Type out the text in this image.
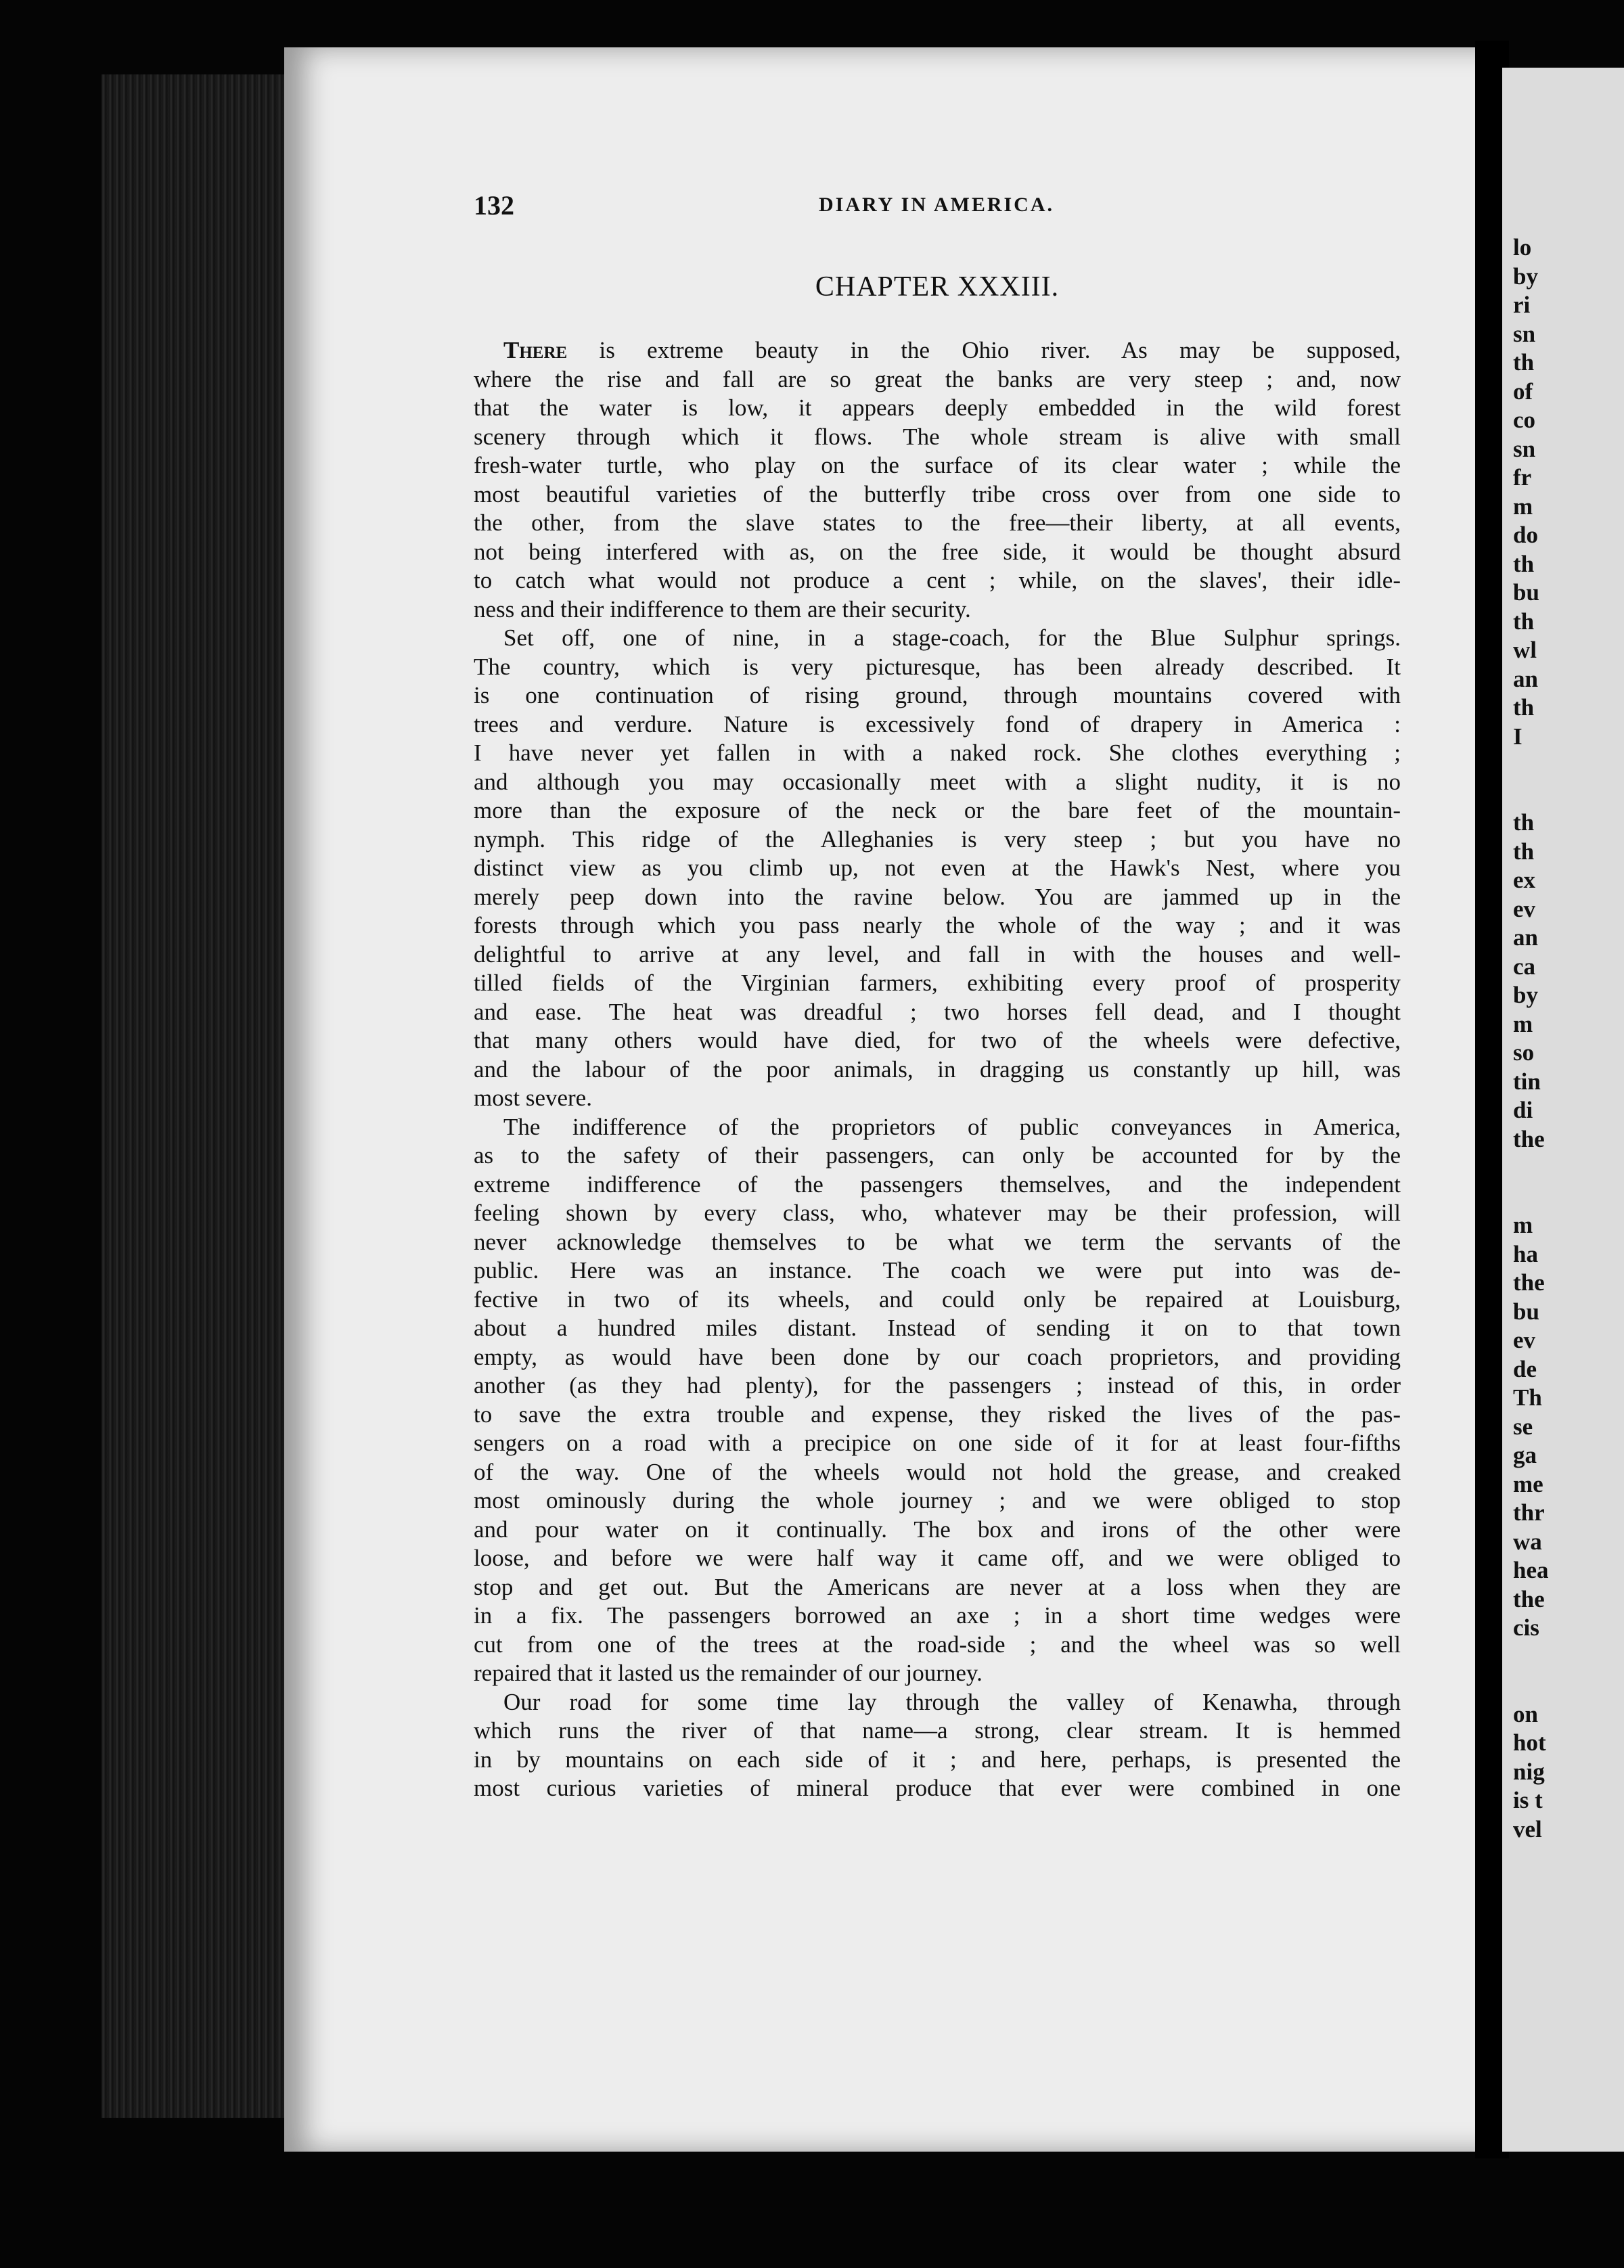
132	DIARY IN AMERICA.
CHAPTER XXXIII.

There is extreme beauty in the Ohio river. As may be supposed,
where the rise and fall are so great the banks are very steep ; and, now
that the water is low, it appears deeply embedded in the wild forest
scenery through which it flows. The whole stream is alive with small
fresh-water turtle, who play on the surface of its clear water ; while the
most beautiful varieties of the butterfly tribe cross over from one side to
the other, from the slave states to the free—their liberty, at all events,
not being interfered with as, on the free side, it would be thought absurd
to catch what would not produce a cent ; while, on the slaves', their idle-
ness and their indifference to them are their security.

Set off, one of nine, in a stage-coach, for the Blue Sulphur springs.
The country, which is very picturesque, has been already described. It
is one continuation of rising ground, through mountains covered with
trees and verdure. Nature is excessively fond of drapery in America :
I have never yet fallen in with a naked rock. She clothes everything ;
and although you may occasionally meet with a slight nudity, it is no
more than the exposure of the neck or the bare feet of the mountain-
nymph. This ridge of the Alleghanies is very steep ; but you have no
distinct view as you climb up, not even at the Hawk's Nest, where you
merely peep down into the ravine below. You are jammed up in the
forests through which you pass nearly the whole of the way ; and it was
delightful to arrive at any level, and fall in with the houses and well-
tilled fields of the Virginian farmers, exhibiting every proof of prosperity
and ease. The heat was dreadful ; two horses fell dead, and I thought
that many others would have died, for two of the wheels were defective,
and the labour of the poor animals, in dragging us constantly up hill, was
most severe.

The indifference of the proprietors of public conveyances in America,
as to the safety of their passengers, can only be accounted for by the
extreme indifference of the passengers themselves, and the independent
feeling shown by every class, who, whatever may be their profession, will
never acknowledge themselves to be what we term the servants of the
public. Here was an instance. The coach we were put into was de-
fective in two of its wheels, and could only be repaired at Louisburg,
about a hundred miles distant. Instead of sending it on to that town
empty, as would have been done by our coach proprietors, and providing
another (as they had plenty), for the passengers ; instead of this, in order
to save the extra trouble and expense, they risked the lives of the pas-
sengers on a road with a precipice on one side of it for at least four-fifths
of the way. One of the wheels would not hold the grease, and creaked
most ominously during the whole journey ; and we were obliged to stop
and pour water on it continually. The box and irons of the other were
loose, and before we were half way it came off, and we were obliged to
stop and get out. But the Americans are never at a loss when they are
in a fix. The passengers borrowed an axe ; in a short time wedges were
cut from one of the trees at the road-side ; and the wheel was so well
repaired that it lasted us the remainder of our journey.

Our road for some time lay through the valley of Kenawha, through
which runs the river of that name—a strong, clear stream. It is hemmed
in by mountains on each side of it ; and here, perhaps, is presented the
most curious varieties of mineral produce that ever were combined in one

lo
by
ri
sn
th
of
co
sn
fr
m
do
th
bu
th
wl
an
th
I
th
th
ex
ev
an
ca
by
m
so
tin
di
the
m
ha
the
bu
ev
de
Th
se
ga
me
thr
wa
hea
the
cis
on
hot
nig
is t
vel
